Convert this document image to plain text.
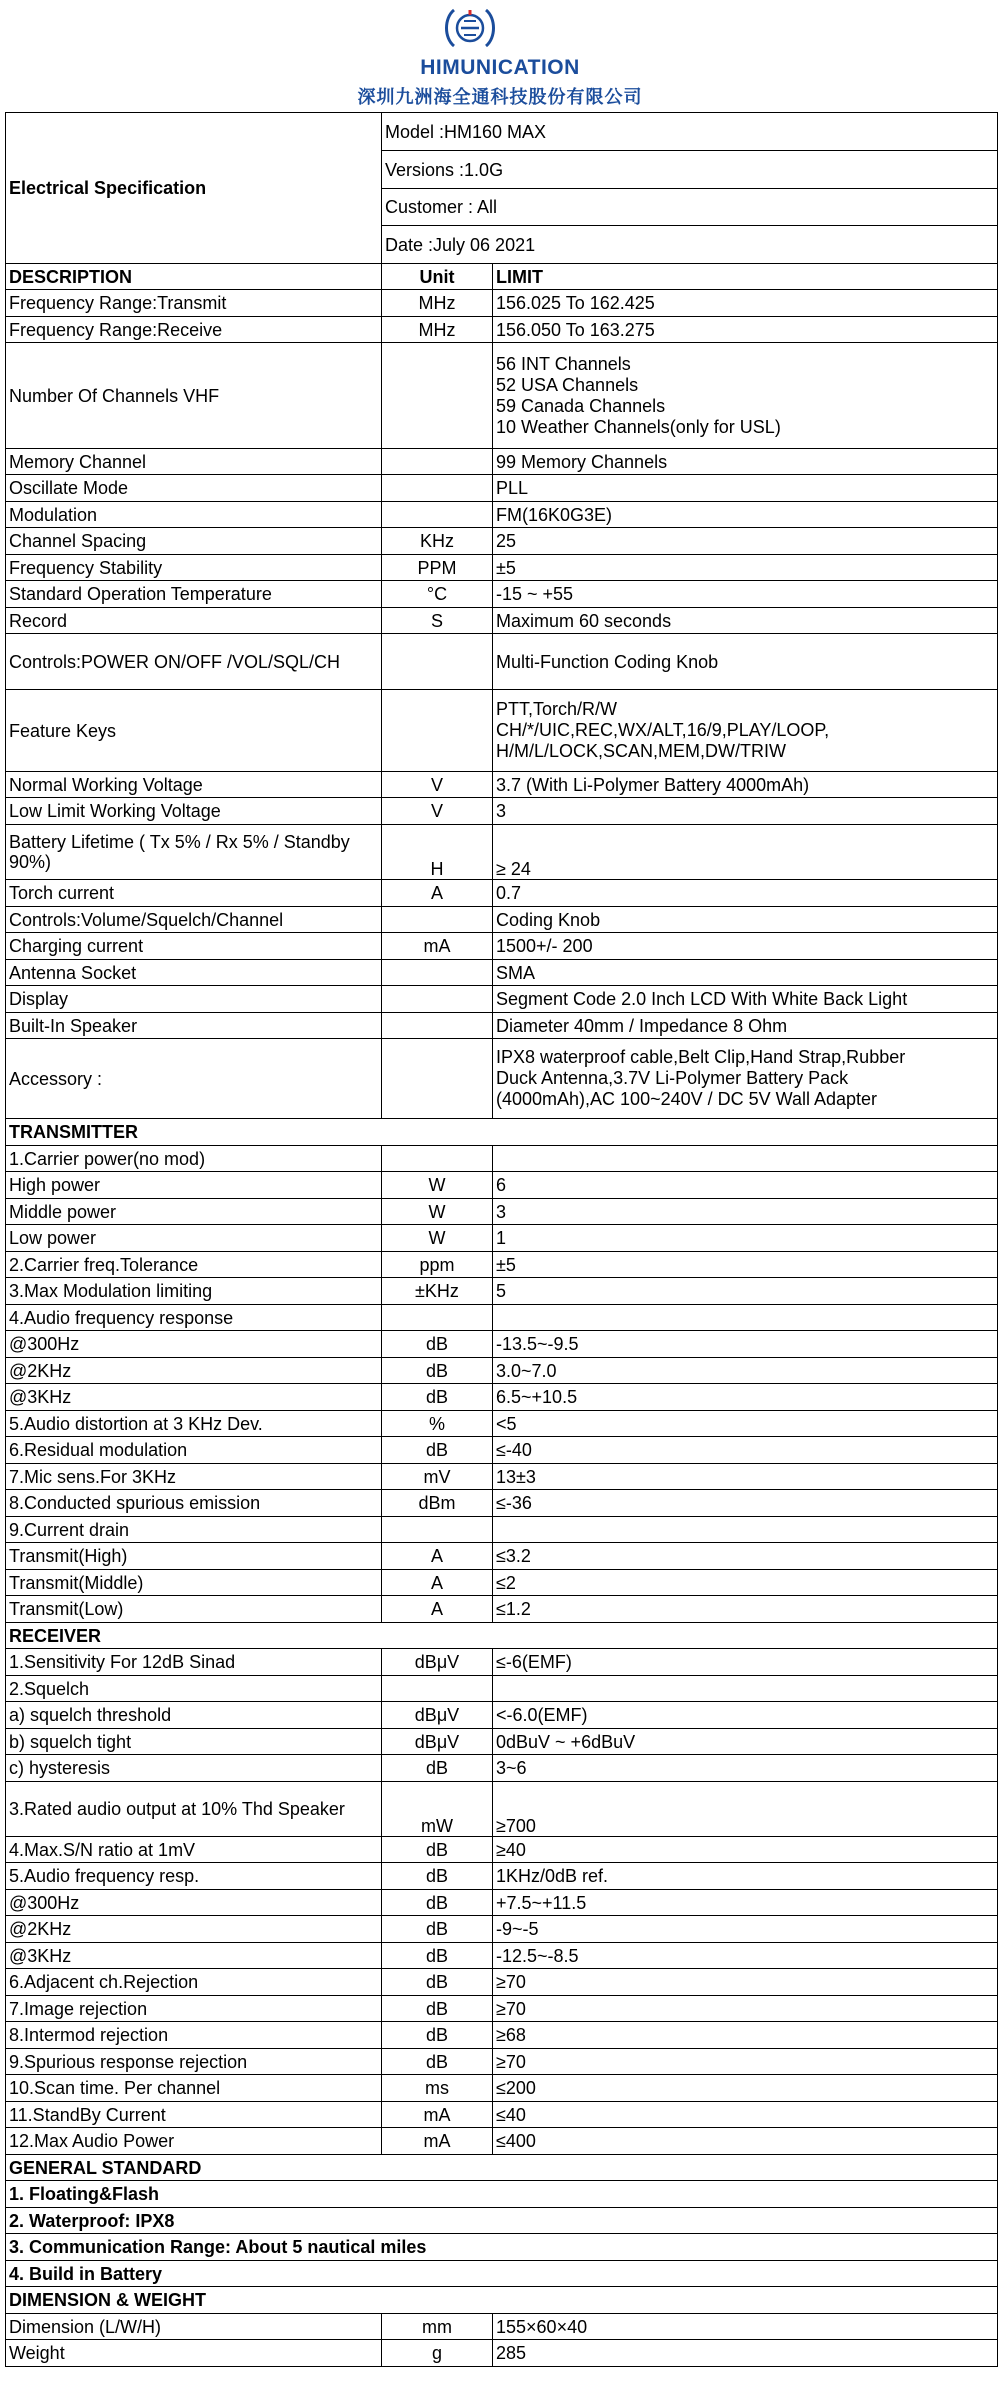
HIMUNICATION
深圳九洲海全通科技股份有限公司
Electrical Specification	Model :HM160 MAX	
	Versions :1.0G	
	Customer : All	
	Date :July 06 2021	
DESCRIPTION	Unit	LIMIT
Frequency Range:Transmit	MHz	156.025 To 162.425
Frequency Range:Receive	MHz	156.050 To 163.275
Number Of Channels VHF		56 INT Channels
52 USA Channels
59 Canada Channels
10 Weather Channels(only for USL)

Memory Channel		99 Memory Channels
Oscillate Mode		PLL
Modulation		FM(16K0G3E)
Channel Spacing	KHz	25
Frequency Stability	PPM	±5
Standard Operation Temperature	°C	-15 ~ +55
Record	S	Maximum 60 seconds
Controls:POWER ON/OFF /VOL/SQL/CH		Multi-Function Coding Knob
Feature Keys		PTT,Torch/R/W
CH/*/UIC,REC,WX/ALT,16/9,PLAY/LOOP,
H/M/L/LOCK,SCAN,MEM,DW/TRIW

Normal Working Voltage	V	3.7 (With Li-Polymer Battery 4000mAh)
Low Limit Working Voltage	V	3
Battery Lifetime ( Tx 5% / Rx 5% / Standby 90%)	H	≥ 24
Torch current	A	0.7
Controls:Volume/Squelch/Channel		Coding Knob
Charging current	mA	1500+/- 200
Antenna Socket		SMA
Display		Segment Code 2.0 Inch LCD With White Back Light
Built-In Speaker		Diameter 40mm / Impedance 8 Ohm
Accessory :		IPX8 waterproof cable,Belt Clip,Hand Strap,Rubber
Duck Antenna,3.7V Li-Polymer Battery Pack
(4000mAh),AC 100~240V / DC 5V Wall Adapter

TRANSMITTER		
1.Carrier power(no mod)		
High power	W	6
Middle power	W	3
Low power	W	1
2.Carrier freq.Tolerance	ppm	±5
3.Max Modulation limiting	±KHz	5
4.Audio frequency response		
@300Hz	dB	-13.5~-9.5
@2KHz	dB	3.0~7.0
@3KHz	dB	6.5~+10.5
5.Audio distortion at 3 KHz Dev.	%	<5
6.Residual modulation	dB	≤-40
7.Mic sens.For 3KHz	mV	13±3
8.Conducted spurious emission	dBm	≤-36
9.Current drain		
Transmit(High)	A	≤3.2
Transmit(Middle)	A	≤2
Transmit(Low)	A	≤1.2
RECEIVER		
1.Sensitivity For 12dB Sinad	dBμV	≤-6(EMF)
2.Squelch		
a) squelch threshold	dBμV	<-6.0(EMF)
b) squelch tight	dBμV	0dBuV ~ +6dBuV
c) hysteresis	dB	3~6
3.Rated audio output at 10% Thd Speaker	mW	≥700
4.Max.S/N ratio at 1mV	dB	≥40
5.Audio frequency resp.	dB	1KHz/0dB ref.
@300Hz	dB	+7.5~+11.5
@2KHz	dB	-9~-5
@3KHz	dB	-12.5~-8.5
6.Adjacent ch.Rejection	dB	≥70
7.Image rejection	dB	≥70
8.Intermod rejection	dB	≥68
9.Spurious response rejection	dB	≥70
10.Scan time. Per channel	ms	≤200
11.StandBy Current	mA	≤40
12.Max Audio Power	mA	≤400
GENERAL STANDARD		
1. Floating&Flash		
2. Waterproof: IPX8		
3. Communication Range: About 5 nautical miles		
4. Build in Battery		
DIMENSION & WEIGHT		
Dimension (L/W/H)	mm	155×60×40
Weight	g	285
